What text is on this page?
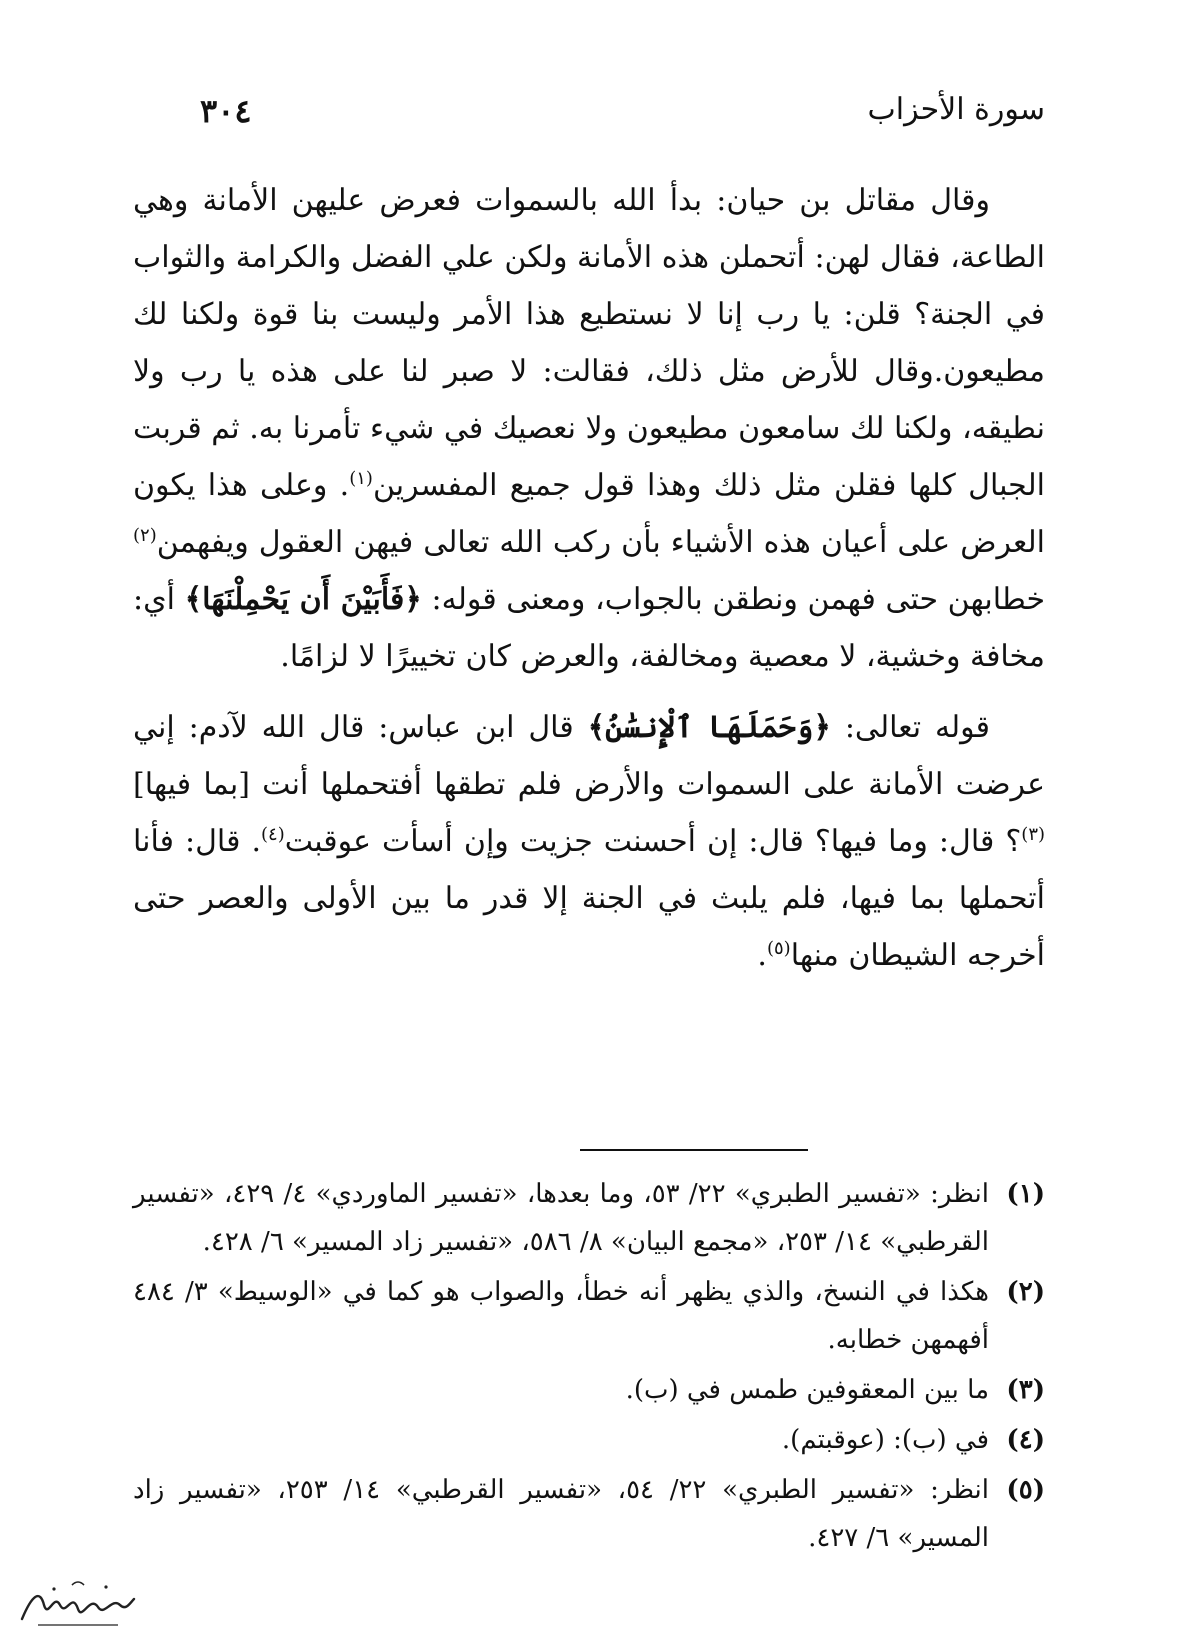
سورة الأحزاب
٣٠٤

وقال مقاتل بن حيان: بدأ الله بالسموات فعرض عليهن الأمانة وهي الطاعة، فقال لهن: أتحملن هذه الأمانة ولكن علي الفضل والكرامة والثواب في الجنة؟ قلن: يا رب إنا لا نستطيع هذا الأمر وليست بنا قوة ولكنا لك مطيعون.وقال للأرض مثل ذلك، فقالت: لا صبر لنا على هذه يا رب ولا نطيقه، ولكنا لك سامعون مطيعون ولا نعصيك في شيء تأمرنا به. ثم قربت الجبال كلها فقلن مثل ذلك وهذا قول جميع المفسرين$^{(١)}$. وعلى هذا يكون العرض على أعيان هذه الأشياء بأن ركب الله تعالى فيهن العقول ويفهمن$^{(٢)}$ خطابهن حتى فهمن ونطقن بالجواب، ومعنى قوله: ﴿فَأَبَيْنَ أَن يَحْمِلْنَهَا﴾ أي: مخافة وخشية، لا معصية ومخالفة، والعرض كان تخييرًا لا لزامًا.

قوله تعالى: ﴿وَحَمَلَهَا ٱلْإِنسَٰنُ﴾ قال ابن عباس: قال الله لآدم: إني عرضت الأمانة على السموات والأرض فلم تطقها أفتحملها أنت [بما فيها]$^{(٣)}$؟ قال: وما فيها؟ قال: إن أحسنت جزيت وإن أسأت عوقبت$^{(٤)}$. قال: فأنا أتحملها بما فيها، فلم يلبث في الجنة إلا قدر ما بين الأولى والعصر حتى أخرجه الشيطان منها$^{(٥)}$.

(١)
انظر: «تفسير الطبري» ٢٢/ ٥٣، وما بعدها، «تفسير الماوردي» ٤/ ٤٢٩، «تفسير القرطبي» ١٤/ ٢٥٣، «مجمع البيان» ٨/ ٥٨٦، «تفسير زاد المسير» ٦/ ٤٢٨.
(٢)
هكذا في النسخ، والذي يظهر أنه خطأ، والصواب هو كما في «الوسيط» ٣/ ٤٨٤ أفهمهن خطابه.
(٣)
ما بين المعقوفين طمس في (ب).
(٤)
في (ب): (عوقبتم).
(٥)
انظر: «تفسير الطبري» ٢٢/ ٥٤، «تفسير القرطبي» ١٤/ ٢٥٣، «تفسير زاد المسير» ٦/ ٤٢٧.
